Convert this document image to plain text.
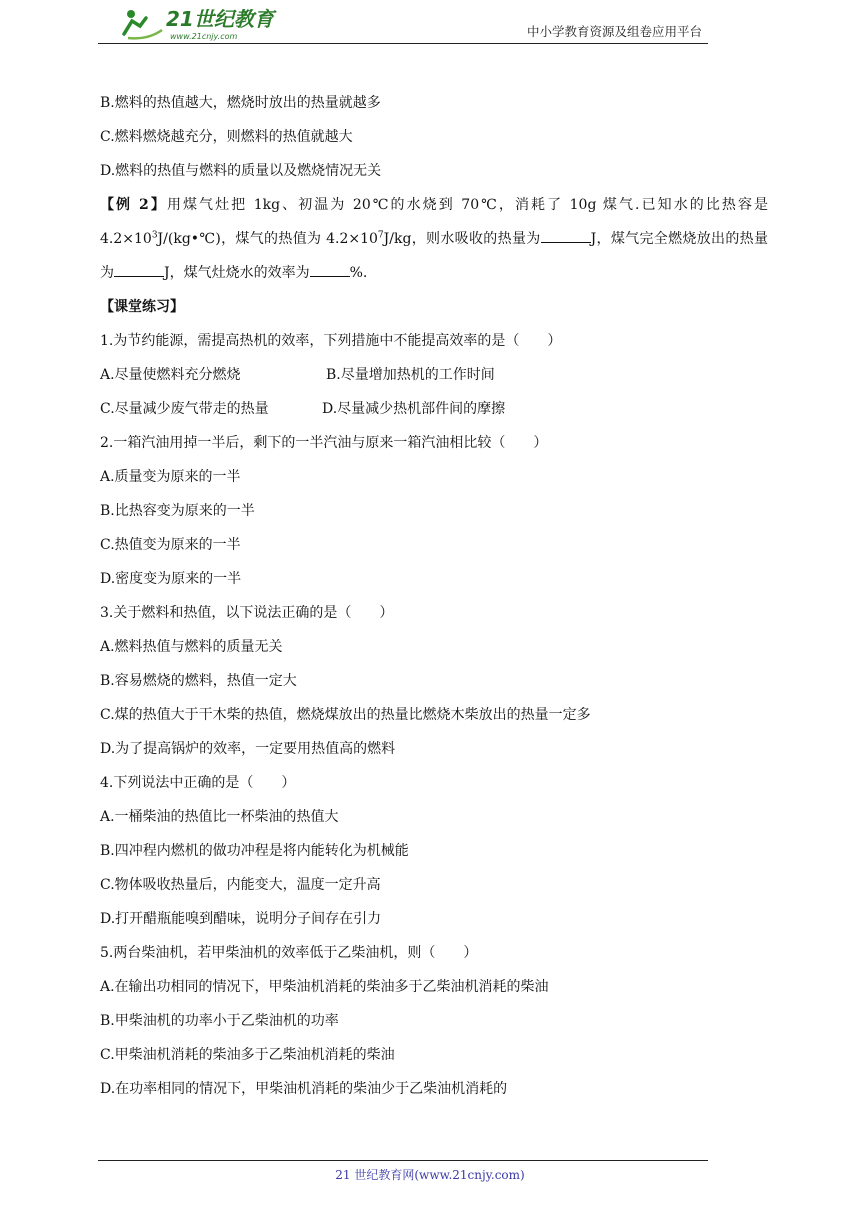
21世纪教育
www.21cnjy.com	中小学教育资源及组卷应用平台
B.燃料的热值越大，燃烧时放出的热量就越多
C.燃料燃烧越充分，则燃料的热值就越大
D.燃料的热值与燃料的质量以及燃烧情况无关
【例 2】用煤气灶把 1kg、初温为 20℃的水烧到 70℃，消耗了 10g 煤气.已知水的比热容是 $4.2\times 10^3J/(kg•℃)$，煤气的热值为 $4.2\times 10^7J/kg$，则水吸收的热量为	J，煤气完全燃烧放出的热量为	J，煤气灶烧水的效率为	%.
【课堂练习】
1.为节约能源，需提高热机的效率，下列措施中不能提高效率的是（　　）
A.尽量使燃料充分燃烧	B.尽量增加热机的工作时间
C.尽量减少废气带走的热量	D.尽量减少热机部件间的摩擦
2.一箱汽油用掉一半后，剩下的一半汽油与原来一箱汽油相比较（　　）
A.质量变为原来的一半
B.比热容变为原来的一半
C.热值变为原来的一半
D.密度变为原来的一半
3.关于燃料和热值，以下说法正确的是（　　）
A.燃料热值与燃料的质量无关
B.容易燃烧的燃料，热值一定大
C.煤的热值大于干木柴的热值，燃烧煤放出的热量比燃烧木柴放出的热量一定多
D.为了提高锅炉的效率，一定要用热值高的燃料
4.下列说法中正确的是（　　）
A.一桶柴油的热值比一杯柴油的热值大
B.四冲程内燃机的做功冲程是将内能转化为机械能
C.物体吸收热量后，内能变大，温度一定升高
D.打开醋瓶能嗅到醋味，说明分子间存在引力
5.两台柴油机，若甲柴油机的效率低于乙柴油机，则（　　）
A.在输出功相同的情况下，甲柴油机消耗的柴油多于乙柴油机消耗的柴油
B.甲柴油机的功率小于乙柴油机的功率
C.甲柴油机消耗的柴油多于乙柴油机消耗的柴油
D.在功率相同的情况下，甲柴油机消耗的柴油少于乙柴油机消耗的
21 世纪教育网(www.21cnjy.com)
